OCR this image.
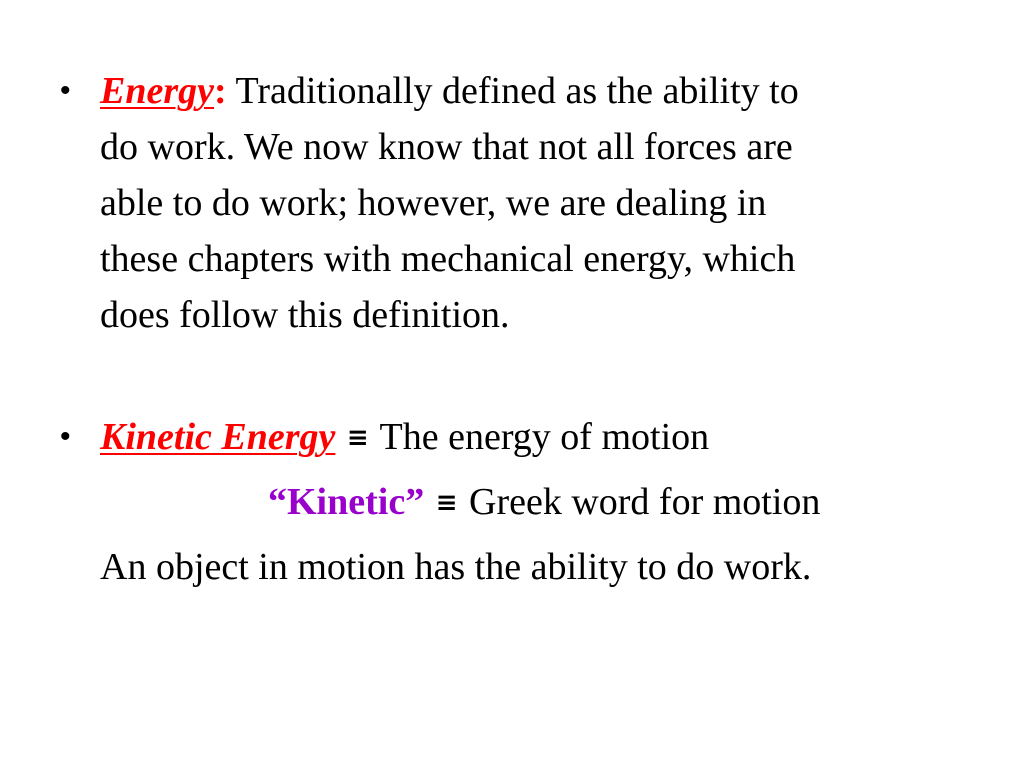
• Energy: Traditionally defined as the ability to
do work. We now know that not all forces are
able to do work; however, we are dealing in
these chapters with mechanical energy, which
does follow this definition.
• Kinetic Energy ≡ The energy of motion
“Kinetic” ≡ Greek word for motion
An object in motion has the ability to do work.
